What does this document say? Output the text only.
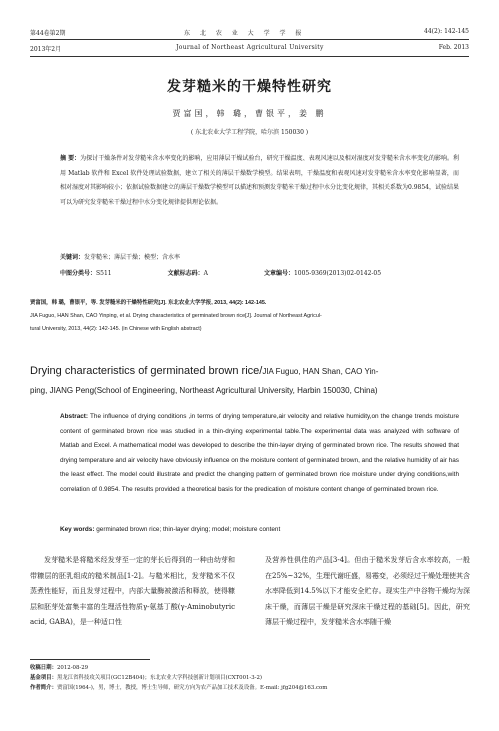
第44卷第2期	东 北 农 业 大 学 学 报	44(2): 142-145
2013年2月	Journal of Northeast Agricultural University	Feb. 2013
发芽糙米的干燥特性研究
贾富国，韩 璐，曹银平，姜 鹏
( 东北农业大学工程学院，哈尔滨 150030 )
摘 要：为探讨干燥条件对发芽糙米含水率变化的影响，应用薄层干燥试验台，研究干燥温度、表观风速以及相对湿度对发芽糙米含水率变化的影响。利用 Matlab 软件和 Excel 软件处理试验数据，建立了相关的薄层干燥数学模型。结果表明，干燥温度和表观风速对发芽糙米含水率变化影响显著，而相对湿度对其影响较小；依据试验数据建立的薄层干燥数学模型可以描述和预测发芽糙米干燥过程中水分比变化规律，其相关系数为0.9854，试验结果可以为研究发芽糙米干燥过程中水分变化规律提供理论依据。
关键词：发芽糙米；薄层干燥；模型；含水率
中图分类号：S511	文献标志码：A	文章编号：1005-9369(2013)02-0142-05

贾富国，韩 璐，曹银平，等. 发芽糙米的干燥特性研究[J]. 东北农业大学学报, 2013, 44(2): 142-145.

JIA Fuguo, HAN Shan, CAO Yinping, et al. Drying characteristics of germinated brown rice[J]. Journal of Northeast Agricul-

tural University, 2013, 44(2): 142-145. (in Chinese with English abstract)

Drying characteristics of germinated brown rice/JIA Fuguo, HAN Shan, CAO Yin-
ping, JIANG Peng(School of Engineering, Northeast Agricultural University, Harbin 150030, China)
Abstract: The influence of drying conditions ,in terms of drying temperature,air velocity and relative humidity,on the change trends moisture content of germinated brown rice was studied in a thin-drying experimental table.The experimental data was analyzed with software of Matlab and Excel. A mathematical model was developed to describe the thin-layer drying of germinated brown rice. The results showed that drying temperature and air velocity have obviously influence on the moisture content of germinated brown, and the relative humidity of air has the least effect. The model could illustrate and predict the changing pattern of germinated brown rice moisture under drying conditions,with correlation of 0.9854. The results provided a theoretical basis for the predication of moisture content change of germinated brown rice.
Key words: germinated brown rice; thin-layer drying; model; moisture content

发芽糙米是将糙米经发芽至一定的芽长后得到的一种由幼芽和带糠层的胚乳组成的糙米制品[1-2]。与糙米相比，发芽糙米不仅蒸煮性能好，而且发芽过程中，内部大量酶被激活和释放，使得糠层和胚芽处富集丰富的生理活性物质γ-氨基丁酸(γ-Aminobutyric acid, GABA)，是一种适口性

及营养性俱佳的产品[3-4]。但由于糙米发芽后含水率较高，一般在25%~32%，生理代谢旺盛，易霉变，必须经过干燥处理使其含水率降低到14.5%以下才能安全贮存。现实生产中谷物干燥均为深床干燥，而薄层干燥是研究深床干燥过程的基础[5]。因此，研究薄层干燥过程中，发芽糙米含水率随干燥

收稿日期：2012-08-29

基金项目：黑龙江省科技攻关项目(GC12B404)；东北农业大学科技创新计划项目(CXT001-3-2)

作者简介：贾富国(1964-)，男，博士，教授，博士生导师，研究方向为农产品加工技术及设备。E-mail: jfg204@163.com
